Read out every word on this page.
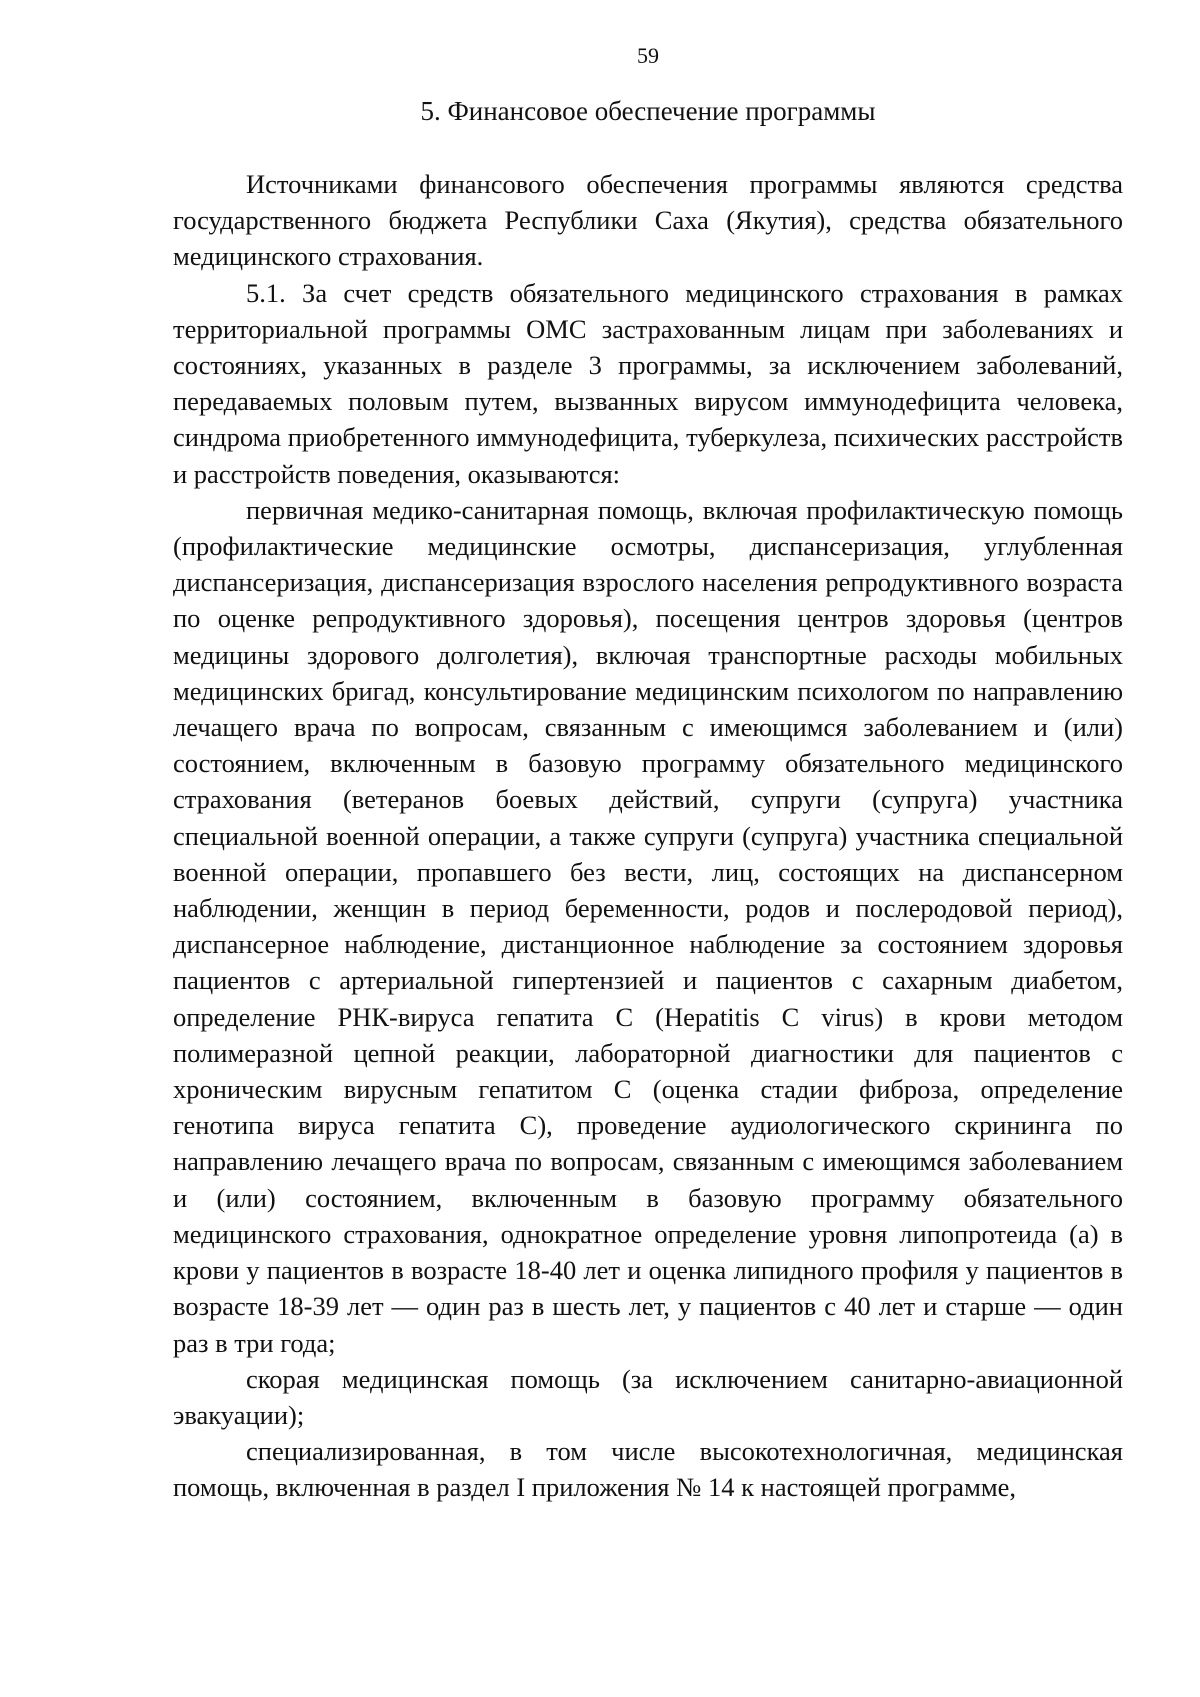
59
5. Финансовое обеспечение программы

Источниками финансового обеспечения программы являются средства государственного бюджета Республики Саха (Якутия), средства обязательного медицинского страхования.

5.1. За счет средств обязательного медицинского страхования в рамках территориальной программы ОМС застрахованным лицам при заболеваниях и состояниях, указанных в разделе 3 программы, за исключением заболеваний, передаваемых половым путем, вызванных вирусом иммунодефицита человека, синдрома приобретенного иммунодефицита, туберкулеза, психических расстройств и расстройств поведения, оказываются:

первичная медико-санитарная помощь, включая профилактическую помощь (профилактические медицинские осмотры, диспансеризация, углубленная диспансеризация, диспансеризация взрослого населения репродуктивного возраста по оценке репродуктивного здоровья), посещения центров здоровья (центров медицины здорового долголетия), включая транспортные расходы мобильных медицинских бригад, консультирование медицинским психологом по направлению лечащего врача по вопросам, связанным с имеющимся заболеванием и (или) состоянием, включенным в базовую программу обязательного медицинского страхования (ветеранов боевых действий, супруги (супруга) участника специальной военной операции, а также супруги (супруга) участника специальной военной операции, пропавшего без вести, лиц, состоящих на диспансерном наблюдении, женщин в период беременности, родов и послеродовой период), диспансерное наблюдение, дистанционное наблюдение за состоянием здоровья пациентов с артериальной гипертензией и пациентов с сахарным диабетом, определение РНК-вируса гепатита C (Hepatitis C virus) в крови методом полимеразной цепной реакции, лабораторной диагностики для пациентов с хроническим вирусным гепатитом C (оценка стадии фиброза, определение генотипа вируса гепатита C), проведение аудиологического скрининга по направлению лечащего врача по вопросам, связанным с имеющимся заболеванием и (или) состоянием, включенным в базовую программу обязательного медицинского страхования, однократное определение уровня липопротеида (а) в крови у пациентов в возрасте 18-40 лет и оценка липидного профиля у пациентов в возрасте 18-39 лет — один раз в шесть лет, у пациентов с 40 лет и старше — один раз в три года;

скорая медицинская помощь (за исключением санитарно-авиационной эвакуации);

специализированная, в том числе высокотехнологичная, медицинская помощь, включенная в раздел I приложения № 14 к настоящей программе,
